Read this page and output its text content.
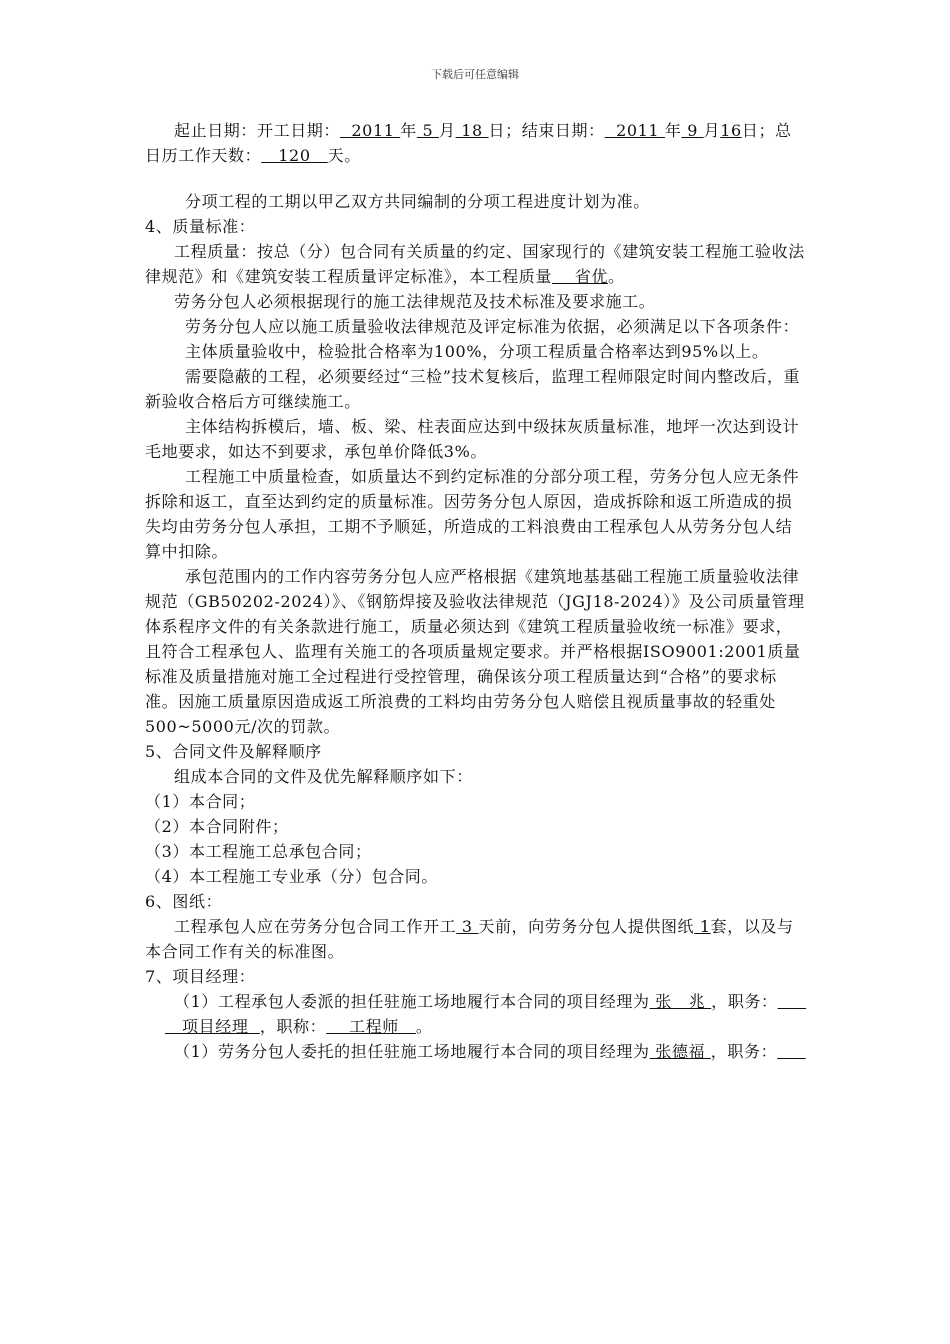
下载后可任意编辑

起止日期：开工日期：  2011 年 5 月 18 日；结束日期：  2011 年 9 月16日；总日历工作天数：   120   天。

分项工程的工期以甲乙双方共同编制的分项工程进度计划为准。

4、质量标准：

工程质量：按总（分）包合同有关质量的约定、国家现行的《建筑安装工程施工验收法律规范》和《建筑安装工程质量评定标准》，本工程质量    省优。

劳务分包人必须根据现行的施工法律规范及技术标准及要求施工。

劳务分包人应以施工质量验收法律规范及评定标准为依据，必须满足以下各项条件：

主体质量验收中，检验批合格率为100%，分项工程质量合格率达到95%以上。

需要隐蔽的工程，必须要经过“三检”技术复核后，监理工程师限定时间内整改后，重新验收合格后方可继续施工。

主体结构拆模后，墙、板、梁、柱表面应达到中级抹灰质量标准，地坪一次达到设计毛地要求，如达不到要求，承包单价降低3%。

工程施工中质量检查，如质量达不到约定标准的分部分项工程，劳务分包人应无条件拆除和返工，直至达到约定的质量标准。因劳务分包人原因，造成拆除和返工所造成的损失均由劳务分包人承担，工期不予顺延，所造成的工料浪费由工程承包人从劳务分包人结算中扣除。

承包范围内的工作内容劳务分包人应严格根据《建筑地基基础工程施工质量验收法律规范（GB50202-2024）》、《钢筋焊接及验收法律规范（JGJ18-2024）》及公司质量管理体系程序文件的有关条款进行施工，质量必须达到《建筑工程质量验收统一标准》要求，且符合工程承包人、监理有关施工的各项质量规定要求。并严格根据ISO9001:2001质量标准及质量措施对施工全过程进行受控管理，确保该分项工程质量达到“合格”的要求标准。因施工质量原因造成返工所浪费的工料均由劳务分包人赔偿且视质量事故的轻重处500~5000元/次的罚款。

5、合同文件及解释顺序

组成本合同的文件及优先解释顺序如下：

（1）本合同；

（2）本合同附件；

（3）本工程施工总承包合同；

（4）本工程施工专业承（分）包合同。

6、图纸：

工程承包人应在劳务分包合同工作开工 3 天前，向劳务分包人提供图纸 1套，以及与本合同工作有关的标准图。

7、项目经理：

（1）工程承包人委派的担任驻施工场地履行本合同的项目经理为 张   兆 ，职务：

项目经理  ，职称：    工程师   。

（1）劳务分包人委托的担任驻施工场地履行本合同的项目经理为 张德福 ，职务：
